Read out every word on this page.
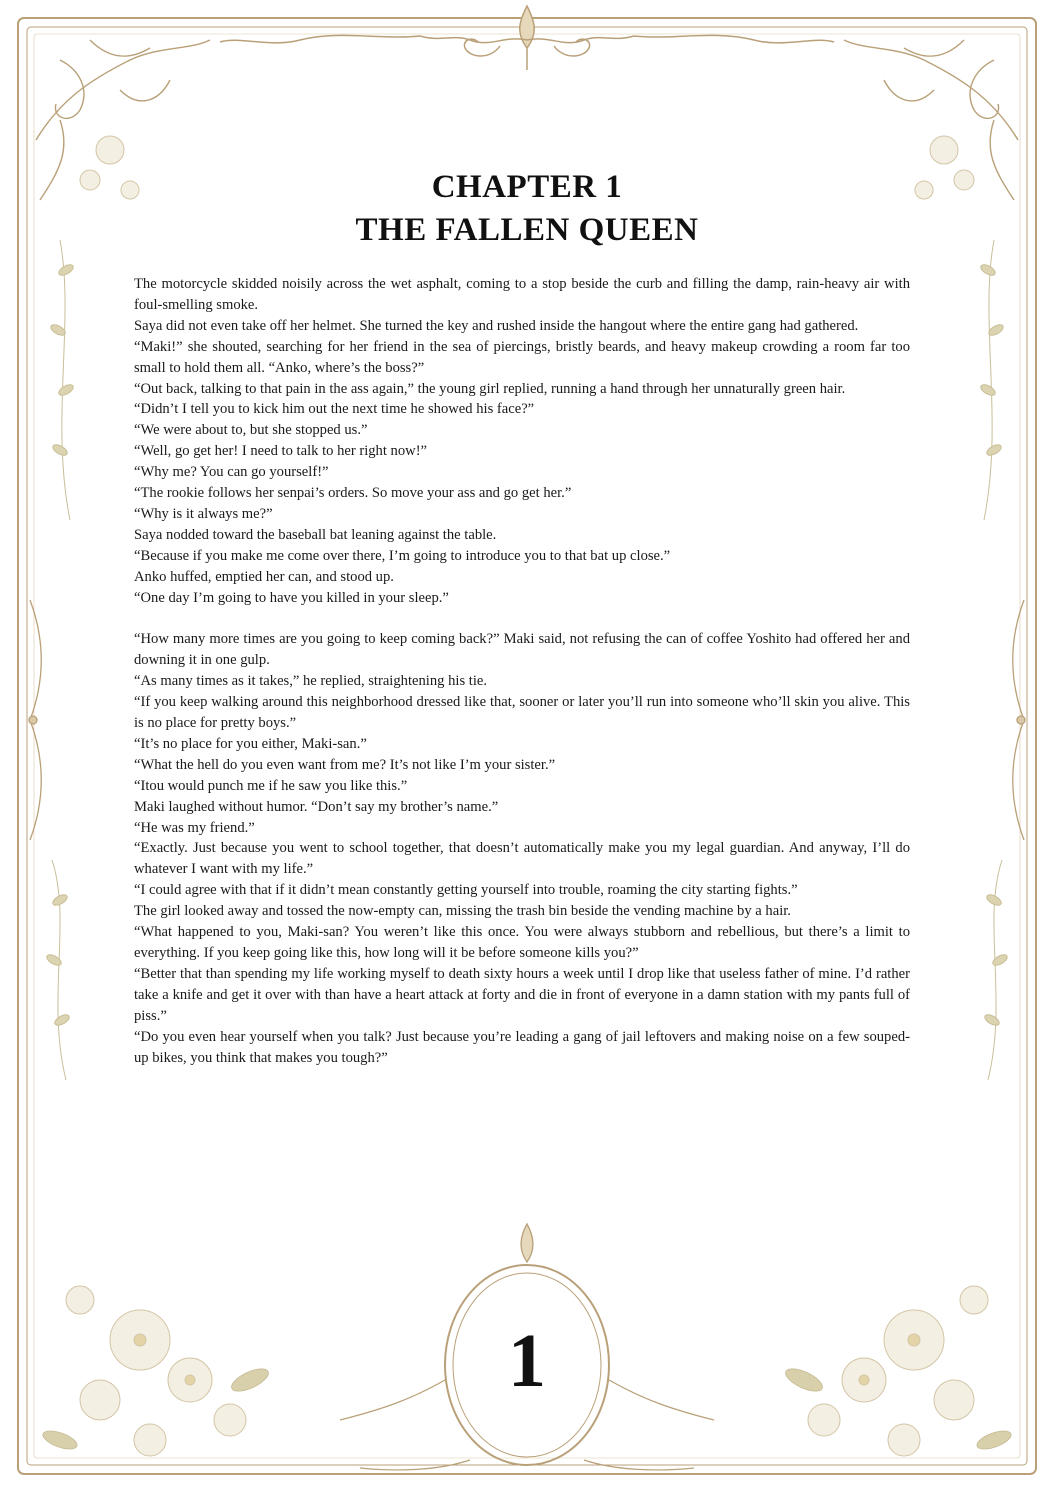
CHAPTER 1
THE FALLEN QUEEN

The motorcycle skidded noisily across the wet asphalt, coming to a stop beside the curb and filling the damp, rain-heavy air with foul-smelling smoke.

Saya did not even take off her helmet. She turned the key and rushed inside the hangout where the entire gang had gathered.

“Maki!” she shouted, searching for her friend in the sea of piercings, bristly beards, and heavy makeup crowding a room far too small to hold them all. “Anko, where’s the boss?”

“Out back, talking to that pain in the ass again,” the young girl replied, running a hand through her unnaturally green hair.

“Didn’t I tell you to kick him out the next time he showed his face?”

“We were about to, but she stopped us.”

“Well, go get her! I need to talk to her right now!”

“Why me? You can go yourself!”

“The rookie follows her senpai’s orders. So move your ass and go get her.”

“Why is it always me?”

Saya nodded toward the baseball bat leaning against the table.

“Because if you make me come over there, I’m going to introduce you to that bat up close.”

Anko huffed, emptied her can, and stood up.

“One day I’m going to have you killed in your sleep.”

“How many more times are you going to keep coming back?” Maki said, not refusing the can of coffee Yoshito had offered her and downing it in one gulp.

“As many times as it takes,” he replied, straightening his tie.

“If you keep walking around this neighborhood dressed like that, sooner or later you’ll run into someone who’ll skin you alive. This is no place for pretty boys.”

“It’s no place for you either, Maki-san.”

“What the hell do you even want from me? It’s not like I’m your sister.”

“Itou would punch me if he saw you like this.”

Maki laughed without humor. “Don’t say my brother’s name.”

“He was my friend.”

“Exactly. Just because you went to school together, that doesn’t automatically make you my legal guardian. And anyway, I’ll do whatever I want with my life.”

“I could agree with that if it didn’t mean constantly getting yourself into trouble, roaming the city starting fights.”

The girl looked away and tossed the now-empty can, missing the trash bin beside the vending machine by a hair.

“What happened to you, Maki-san? You weren’t like this once. You were always stubborn and rebellious, but there’s a limit to everything. If you keep going like this, how long will it be before someone kills you?”

“Better that than spending my life working myself to death sixty hours a week until I drop like that useless father of mine. I’d rather take a knife and get it over with than have a heart attack at forty and die in front of everyone in a damn station with my pants full of piss.”

“Do you even hear yourself when you talk? Just because you’re leading a gang of jail leftovers and making noise on a few souped-up bikes, you think that makes you tough?”

1
